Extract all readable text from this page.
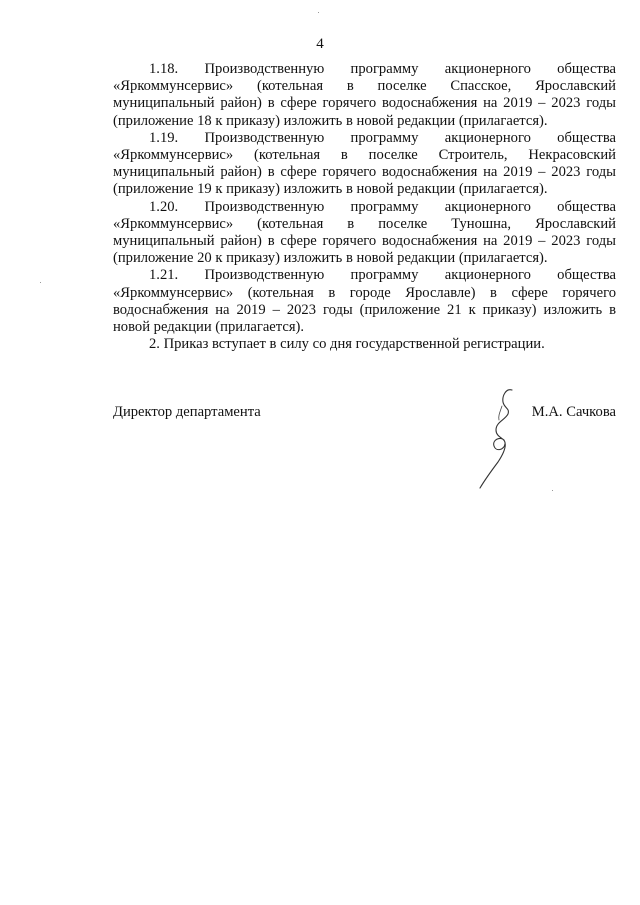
4

1.18. Производственную программу акционерного общества «Яркоммунсервис» (котельная в поселке Спасское, Ярославский муниципальный район) в сфере горячего водоснабжения на 2019 – 2023 годы (приложение 18 к приказу) изложить в новой редакции (прилагается).

1.19. Производственную программу акционерного общества «Яркоммунсервис» (котельная в поселке Строитель, Некрасовский муниципальный район) в сфере горячего водоснабжения на 2019 – 2023 годы (приложение 19 к приказу) изложить в новой редакции (прилагается).

1.20. Производственную программу акционерного общества «Яркоммунсервис» (котельная в поселке Туношна, Ярославский муниципальный район) в сфере горячего водоснабжения на 2019 – 2023 годы (приложение 20 к приказу) изложить в новой редакции (прилагается).

1.21. Производственную программу акционерного общества «Яркоммунсервис» (котельная в городе Ярославле) в сфере горячего водоснабжения на 2019 – 2023 годы (приложение 21 к приказу) изложить в новой редакции (прилагается).

2. Приказ вступает в силу со дня государственной регистрации.

Директор департамента	М.А. Сачкова
